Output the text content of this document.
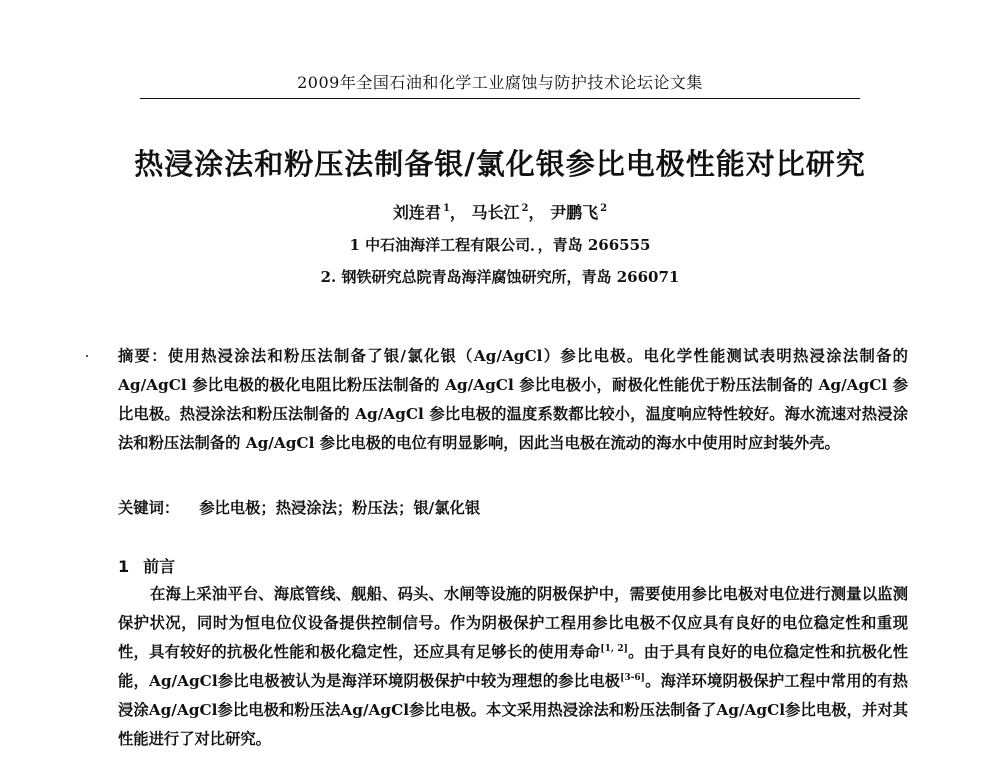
2009年全国石油和化学工业腐蚀与防护技术论坛论文集
热浸涂法和粉压法制备银/氯化银参比电极性能对比研究
刘连君 $^1$， 马长江 $^2$， 尹鹏飞 $^2$
1 中石油海洋工程有限公司．，青岛 266555
2. 钢铁研究总院青岛海洋腐蚀研究所，青岛 266071
摘要：使用热浸涂法和粉压法制备了银/氯化银（Ag/AgCl）参比电极。电化学性能测试表明热浸涂法制备的 Ag/AgCl 参比电极的极化电阻比粉压法制备的 Ag/AgCl 参比电极小，耐极化性能优于粉压法制备的 Ag/AgCl 参比电极。热浸涂法和粉压法制备的 Ag/AgCl 参比电极的温度系数都比较小，温度响应特性较好。海水流速对热浸涂法和粉压法制备的 Ag/AgCl 参比电极的电位有明显影响，因此当电极在流动的海水中使用时应封装外壳。
关键词： 参比电极；热浸涂法；粉压法；银/氯化银
1 前言
在海上采油平台、海底管线、舰船、码头、水闸等设施的阴极保护中，需要使用参比电极对电位进行测量以监测保护状况，同时为恒电位仪设备提供控制信号。作为阴极保护工程用参比电极不仅应具有良好的电位稳定性和重现性，具有较好的抗极化性能和极化稳定性，还应具有足够长的使用寿命[1, 2]。由于具有良好的电位稳定性和抗极化性能，Ag/AgCl参比电极被认为是海洋环境阴极保护中较为理想的参比电极[3-6]。海洋环境阴极保护工程中常用的有热浸涂Ag/AgCl参比电极和粉压法Ag/AgCl参比电极。本文采用热浸涂法和粉压法制备了Ag/AgCl参比电极，并对其性能进行了对比研究。
